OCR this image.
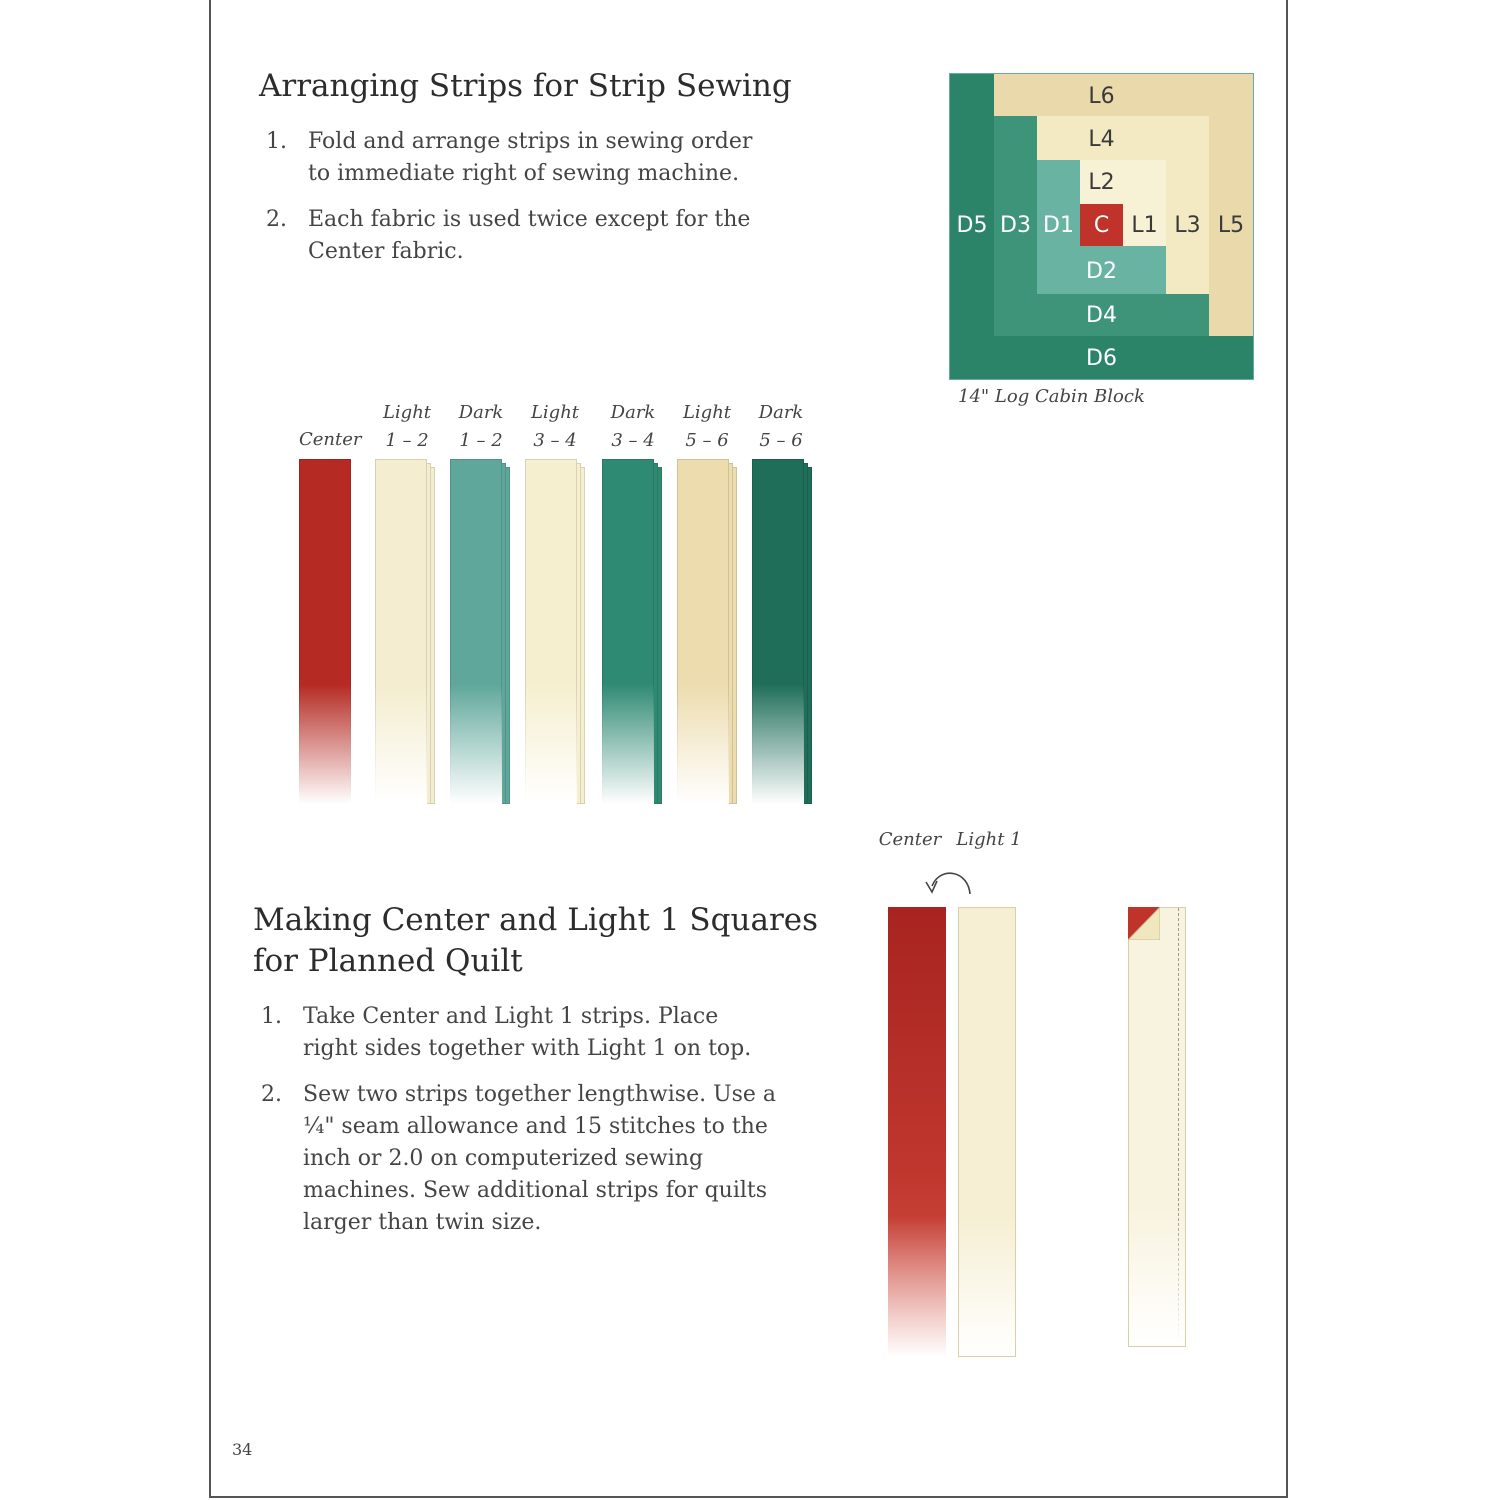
Arranging Strips for Strip Sewing
1. Fold and arrange strips in sewing order to immediate right of sewing machine.
2. Each fabric is used twice except for the Center fabric.
L6
L4
L2
D5 D3 D1 C	L1 L3 L5
D2
D4
D6
14" Log Cabin Block
Center
Light
1 – 2
Dark
1 – 2
Light
3 – 4
Dark
3 – 4
Light
5 – 6
Dark
5 – 6
Making Center and Light 1 Squares
for Planned Quilt
1. Take Center and Light 1 strips. Place right sides together with Light 1 on top.
2. Sew two strips together lengthwise. Use a ¼" seam allowance and 15 stitches to the inch or 2.0 on computerized sewing machines. Sew additional strips for quilts larger than twin size.
Center Light 1
34
